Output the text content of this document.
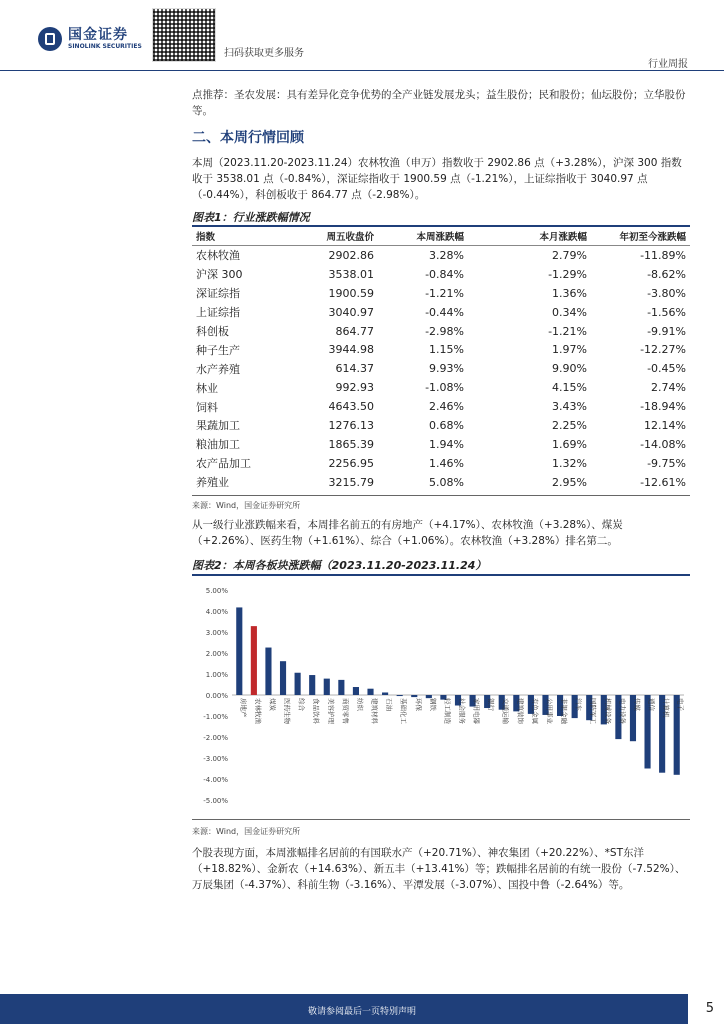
国金证券
SINOLINK SECURITIES
扫码获取更多服务
行业周报
点推荐：圣农发展：具有差异化竞争优势的全产业链发展龙头；益生股份；民和股份；仙坛股份；立华股份等。
二、本周行情回顾
本周（2023.11.20-2023.11.24）农林牧渔（申万）指数收于 2902.86 点（+3.28%），沪深 300 指数收于 3538.01 点（-0.84%），深证综指收于 1900.59 点（-1.21%），上证综指收于 3040.97 点（-0.44%），科创板收于 864.77 点（-2.98%）。
图表1：行业涨跌幅情况
指数	周五收盘价	本周涨跌幅	本月涨跌幅	年初至今涨跌幅
农林牧渔	2902.86	3.28%	2.79%	-11.89%
沪深 300	3538.01	-0.84%	-1.29%	-8.62%
深证综指	1900.59	-1.21%	1.36%	-3.80%
上证综指	3040.97	-0.44%	0.34%	-1.56%
科创板	864.77	-2.98%	-1.21%	-9.91%
种子生产	3944.98	1.15%	1.97%	-12.27%
水产养殖	614.37	9.93%	9.90%	-0.45%
林业	992.93	-1.08%	4.15%	2.74%
饲料	4643.50	2.46%	3.43%	-18.94%
果蔬加工	1276.13	0.68%	2.25%	12.14%
粮油加工	1865.39	1.94%	1.69%	-14.08%
农产品加工	2256.95	1.46%	1.32%	-9.75%
养殖业	3215.79	5.08%	2.95%	-12.61%
来源：Wind，国金证券研究所
从一级行业涨跌幅来看，本周排名前五的有房地产（+4.17%）、农林牧渔（+3.28%）、煤炭（+2.26%）、医药生物（+1.61%）、综合（+1.06%）。农林牧渔（+3.28%）排名第二。
图表2：本周各板块涨跌幅（2023.11.20-2023.11.24）
5.00%
4.00%
3.00%
2.00%
1.00%
0.00%
-1.00%
-2.00%
-3.00%
-4.00%
-5.00%
房地产 农林牧渔 煤炭 医药生物 综合 食品饮料 美容护理 商贸零售 纺织 建筑材料 石油 基础化工 环保 钢铁 轻工制造 社会服务 家用电器 银行 交通运输 建筑装饰 有色金属 公用事业 非银金融 汽车 国防军工 机械设备 电力设备 传媒 通信 计算机 电子
来源：Wind，国金证券研究所
个股表现方面，本周涨幅排名居前的有国联水产（+20.71%）、神农集团（+20.22%）、*ST东洋（+18.82%）、金新农（+14.63%）、新五丰（+13.41%）等；跌幅排名居前的有统一股份（-7.52%）、万辰集团（-4.37%）、科前生物（-3.16%）、平潭发展（-3.07%）、国投中鲁（-2.64%）等。
敬请参阅最后一页特别声明	5
